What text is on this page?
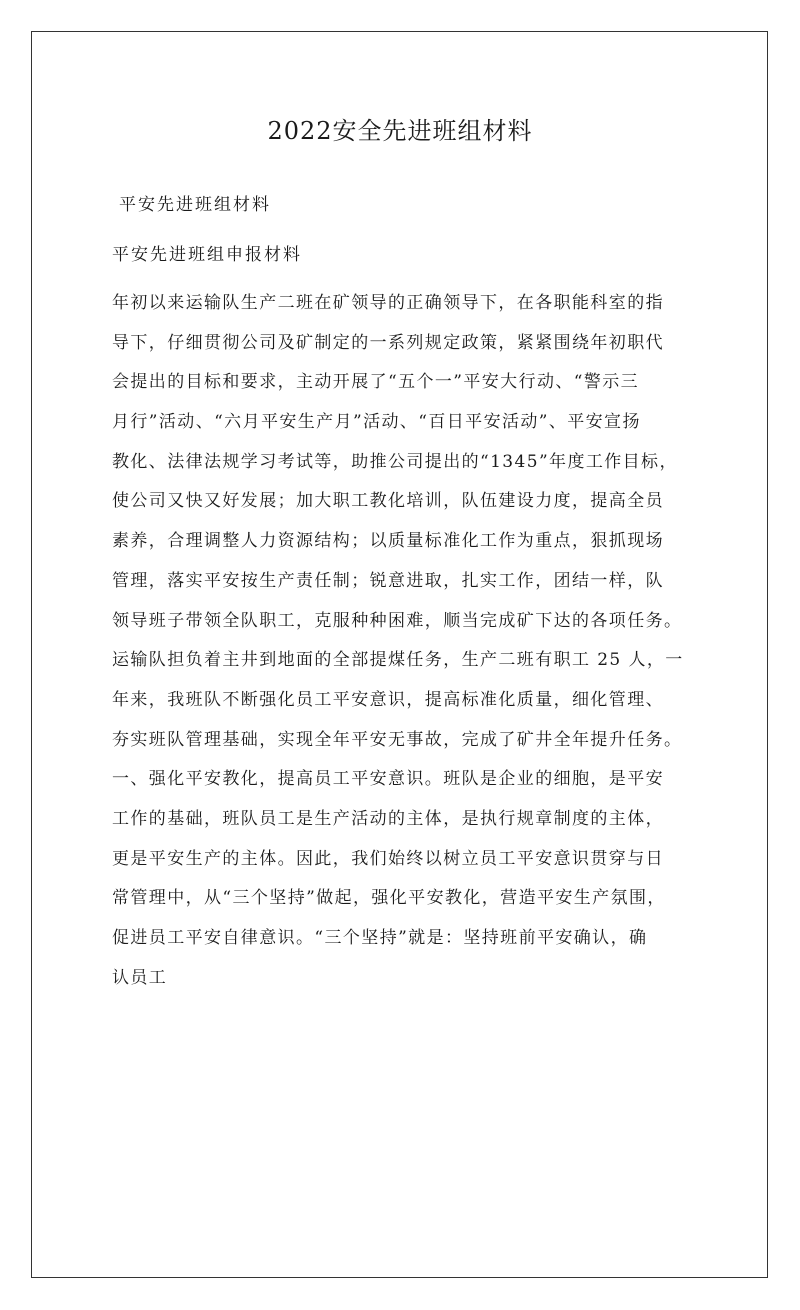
2022安全先进班组材料
平安先进班组材料
平安先进班组申报材料
年初以来运输队生产二班在矿领导的正确领导下，在各职能科室的指
导下，仔细贯彻公司及矿制定的一系列规定政策，紧紧围绕年初职代
会提出的目标和要求，主动开展了“五个一”平安大行动、“警示三
月行”活动、“六月平安生产月”活动、“百日平安活动”、平安宣扬
教化、法律法规学习考试等，助推公司提出的“1345”年度工作目标，
使公司又快又好发展；加大职工教化培训，队伍建设力度，提高全员
素养，合理调整人力资源结构；以质量标准化工作为重点，狠抓现场
管理，落实平安按生产责任制；锐意进取，扎实工作，团结一样，队
领导班子带领全队职工，克服种种困难，顺当完成矿下达的各项任务。
运输队担负着主井到地面的全部提煤任务，生产二班有职工 25 人，一
年来，我班队不断强化员工平安意识，提高标准化质量，细化管理、
夯实班队管理基础，实现全年平安无事故，完成了矿井全年提升任务。
一、强化平安教化，提高员工平安意识。班队是企业的细胞，是平安
工作的基础，班队员工是生产活动的主体，是执行规章制度的主体，
更是平安生产的主体。因此，我们始终以树立员工平安意识贯穿与日
常管理中，从“三个坚持”做起，强化平安教化，营造平安生产氛围，
促进员工平安自律意识。“三个坚持”就是：坚持班前平安确认，确
认员工
